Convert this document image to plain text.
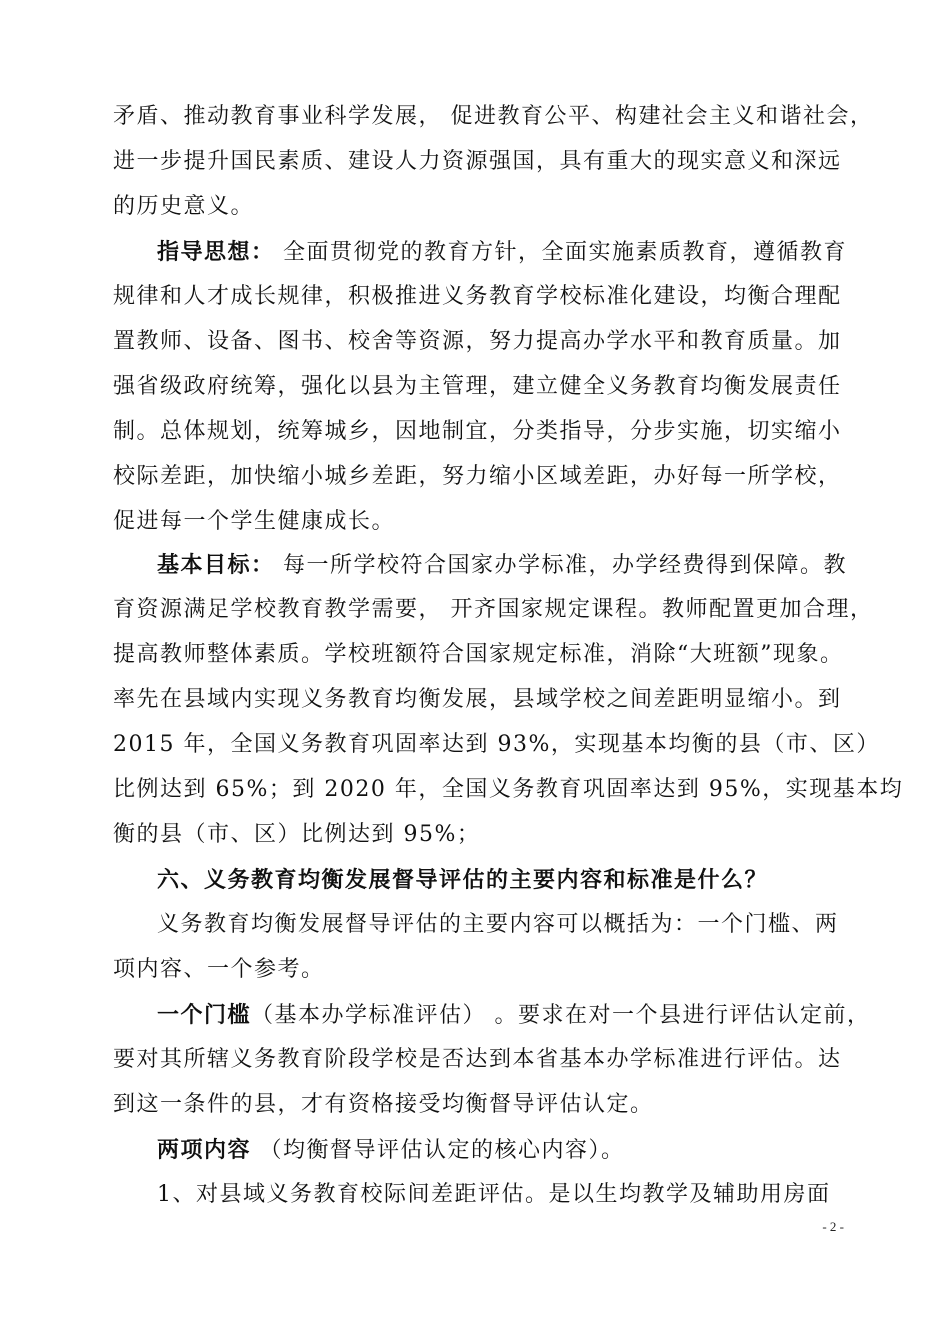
矛盾、推动教育事业科学发展， 促进教育公平、构建社会主义和谐社会，
进一步提升国民素质、建设人力资源强国，具有重大的现实意义和深远
的历史意义。
指导思想： 全面贯彻党的教育方针，全面实施素质教育，遵循教育
规律和人才成长规律，积极推进义务教育学校标准化建设，均衡合理配
置教师、设备、图书、校舍等资源，努力提高办学水平和教育质量。加
强省级政府统筹，强化以县为主管理，建立健全义务教育均衡发展责任
制。总体规划，统筹城乡，因地制宜，分类指导，分步实施，切实缩小
校际差距，加快缩小城乡差距，努力缩小区域差距，办好每一所学校，
促进每一个学生健康成长。
基本目标： 每一所学校符合国家办学标准，办学经费得到保障。教
育资源满足学校教育教学需要， 开齐国家规定课程。教师配置更加合理，
提高教师整体素质。学校班额符合国家规定标准，消除“大班额”现象。
率先在县域内实现义务教育均衡发展，县域学校之间差距明显缩小。到
2015 年，全国义务教育巩固率达到 93%，实现基本均衡的县（市、区）
比例达到 65%；到 2020 年，全国义务教育巩固率达到 95%，实现基本均
衡的县（市、区）比例达到 95%；
六、义务教育均衡发展督导评估的主要内容和标准是什么？
义务教育均衡发展督导评估的主要内容可以概括为：一个门槛、两
项内容、一个参考。
一个门槛（基本办学标准评估） 。要求在对一个县进行评估认定前，
要对其所辖义务教育阶段学校是否达到本省基本办学标准进行评估。达
到这一条件的县，才有资格接受均衡督导评估认定。
两项内容 （均衡督导评估认定的核心内容）。
1、对县域义务教育校际间差距评估。是以生均教学及辅助用房面
- 2 -
